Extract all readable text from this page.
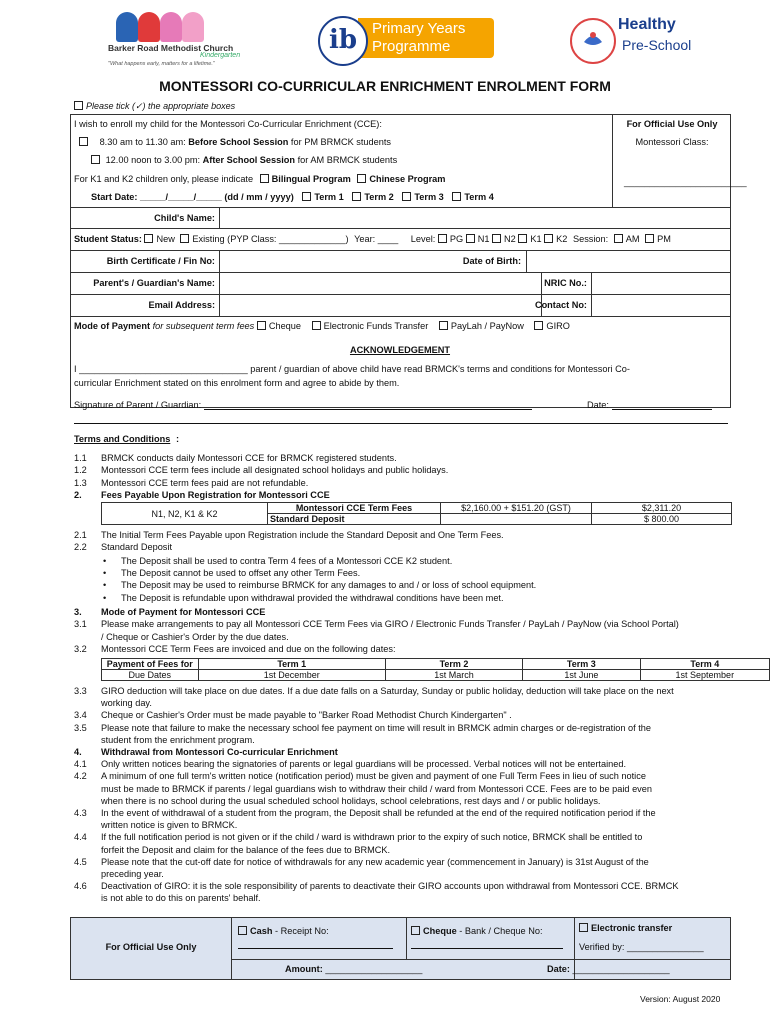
Barker Road Methodist Church
Kindergarten
"What happens early, matters for a lifetime."
Primary Years
Programme
ib
Healthy
Pre-School
MONTESSORI CO-CURRICULAR ENRICHMENT ENROLMENT FORM
Please tick (✓) the appropriate boxes
I wish to enroll my child for the Montessori Co-Curricular Enrichment (CCE):	For Official Use Only
Montessori Class:
________________________
8.30 am to 11.30 am: Before School Session for PM BRMCK students
12.00 noon to 3.00 pm: After School Session for AM BRMCK students
For K1 and K2 children only, please indicate Bilingual Program Chinese Program
Start Date: _____/_____/_____ (dd / mm / yyyy) Term 1 Term 2 Term 3 Term 4
Child's Name:
Student Status: New Existing (PYP Class: _____________) Year: ____ Level: PG N1 N2 K1 K2 Session: AM PM
Birth Certificate / Fin No:	Date of Birth:
Parent's / Guardian's Name:	NRIC No.:
Email Address:	Contact No:
Mode of Payment for subsequent term fees Cheque Electronic Funds Transfer PayLah / PayNow GIRO
ACKNOWLEDGEMENT
I _________________________________ parent / guardian of above child have read BRMCK's terms and conditions for Montessori Co-
curricular Enrichment stated on this enrolment form and agree to abide by them.
Signature of Parent / Guardian:	Date:
Terms and Conditions :
1.1 BRMCK conducts daily Montessori CCE for BRMCK registered students.
1.2 Montessori CCE term fees include all designated school holidays and public holidays.
1.3 Montessori CCE term fees paid are not refundable.
2. Fees Payable Upon Registration for Montessori CCE
N1, N2, K1 & K2	Montessori CCE Term Fees	$2,160.00 + $151.20 (GST)	$2,311.20
	Standard Deposit		$ 800.00
2.1 The Initial Term Fees Payable upon Registration include the Standard Deposit and One Term Fees.
2.2 Standard Deposit
• The Deposit shall be used to contra Term 4 fees of a Montessori CCE K2 student.
• The Deposit cannot be used to offset any other Term Fees.
• The Deposit may be used to reimburse BRMCK for any damages to and / or loss of school equipment.
• The Deposit is refundable upon withdrawal provided the withdrawal conditions have been met.
3. Mode of Payment for Montessori CCE
3.1 Please make arrangements to pay all Montessori CCE Term Fees via GIRO / Electronic Funds Transfer / PayLah / PayNow (via School Portal)
/ Cheque or Cashier's Order by the due dates.
3.2 Montessori CCE Term Fees are invoiced and due on the following dates:
Payment of Fees for	Term 1	Term 2	Term 3	Term 4
Due Dates	1st December	1st March	1st June	1st September
3.3 GIRO deduction will take place on due dates. If a due date falls on a Saturday, Sunday or public holiday, deduction will take place on the next
working day.
3.4 Cheque or Cashier's Order must be made payable to "Barker Road Methodist Church Kindergarten" .
3.5 Please note that failure to make the necessary school fee payment on time will result in BRMCK admin charges or de-registration of the
student from the enrichment program.
4. Withdrawal from Montessori Co-curricular Enrichment
4.1 Only written notices bearing the signatories of parents or legal guardians will be processed. Verbal notices will not be entertained.
4.2 A minimum of one full term's written notice (notification period) must be given and payment of one Full Term Fees in lieu of such notice
must be made to BRMCK if parents / legal guardians wish to withdraw their child / ward from Montessori CCE. Fees are to be paid even
when there is no school during the usual scheduled school holidays, school celebrations, rest days and / or public holidays.
4.3 In the event of withdrawal of a student from the program, the Deposit shall be refunded at the end of the required notification period if the
written notice is given to BRMCK.
4.4 If the full notification period is not given or if the child / ward is withdrawn prior to the expiry of such notice, BRMCK shall be entitled to
forfeit the Deposit and claim for the balance of the fees due to BRMCK.
4.5 Please note that the cut-off date for notice of withdrawals for any new academic year (commencement in January) is 31st August of the
preceding year.
4.6 Deactivation of GIRO: it is the sole responsibility of parents to deactivate their GIRO accounts upon withdrawal from Montessori CCE. BRMCK
is not able to do this on parents' behalf.
For Official Use Only
Cash - Receipt No:	Cheque - Bank / Cheque No:	Electronic transfer
Verified by: _______________
Amount: ___________________	Date: ___________________
Version: August 2020
